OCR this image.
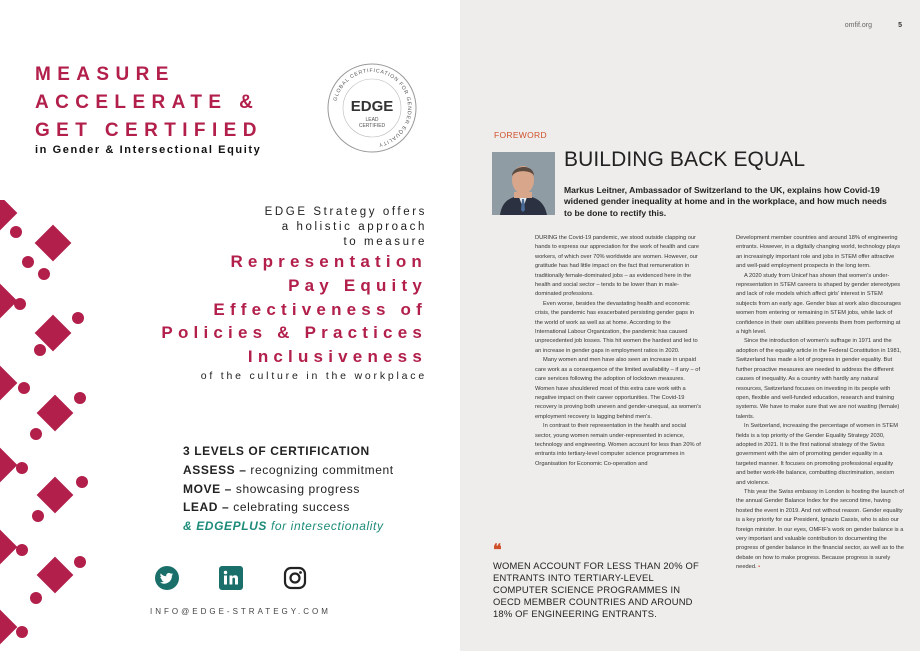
MEASURE
ACCELERATE &
GET CERTIFIED
in Gender & Intersectional Equity
GLOBAL CERTIFICATION FOR GENDER EQUALITY
EDGE
LEAD
CERTIFIED
EDGE Strategy offers
a holistic approach
to measure
Representation
Pay Equity
Effectiveness of
Policies & Practices
Inclusiveness
of the culture in the workplace
3 LEVELS OF CERTIFICATION
ASSESS – recognizing commitment
MOVE – showcasing progress
LEAD – celebrating success
& EDGEPLUS for intersectionality
INFO@EDGE-STRATEGY.COM
omfif.org	5
FOREWORD
BUILDING BACK EQUAL
Markus Leitner, Ambassador of Switzerland to the UK, explains how Covid-19 widened gender inequality at home and in the workplace, and how much needs to be done to rectify this.

DURING the Covid-19 pandemic, we stood outside clapping our hands to express our appreciation for the work of health and care workers, of which over 70% worldwide are women. However, our gratitude has had little impact on the fact that remuneration in traditionally female-dominated jobs – as evidenced here in the health and social sector – tends to be lower than in male-dominated professions.

Even worse, besides the devastating health and economic crisis, the pandemic has exacerbated persisting gender gaps in the world of work as well as at home. According to the International Labour Organization, the pandemic has caused unprecedented job losses. This hit women the hardest and led to an increase in gender gaps in employment ratios in 2020.

Many women and men have also seen an increase in unpaid care work as a consequence of the limited availability – if any – of care services following the adoption of lockdown measures. Women have shouldered most of this extra care work with a negative impact on their career opportunities. The Covid-19 recovery is proving both uneven and gender-unequal, as women's employment recovery is lagging behind men's.

In contrast to their representation in the health and social sector, young women remain under-represented in science, technology and engineering. Women account for less than 20% of entrants into tertiary-level computer science programmes in Organisation for Economic Co-operation and

Development member countries and around 18% of engineering entrants. However, in a digitally changing world, technology plays an increasingly important role and jobs in STEM offer attractive and well-paid employment prospects in the long term.

A 2020 study from Unicef has shown that women's under-representation in STEM careers is shaped by gender stereotypes and lack of role models which affect girls' interest in STEM subjects from an early age. Gender bias at work also discourages women from entering or remaining in STEM jobs, while lack of confidence in their own abilities prevents them from performing at a high level.

Since the introduction of women's suffrage in 1971 and the adoption of the equality article in the Federal Constitution in 1981, Switzerland has made a lot of progress in gender equality. But further proactive measures are needed to address the different causes of inequality. As a country with hardly any natural resources, Switzerland focuses on investing in its people with open, flexible and well-funded education, research and training systems. We have to make sure that we are not wasting (female) talents.

In Switzerland, increasing the percentage of women in STEM fields is a top priority of the Gender Equality Strategy 2030, adopted in 2021. It is the first national strategy of the Swiss government with the aim of promoting gender equality in a targeted manner. It focuses on promoting professional equality and better work-life balance, combatting discrimination, sexism and violence.

This year the Swiss embassy in London is hosting the launch of the annual Gender Balance Index for the second time, having hosted the event in 2019. And not without reason. Gender equality is a key priority for our President, Ignazio Cassis, who is also our foreign minister. In our eyes, OMFIF's work on gender balance is a very important and valuable contribution to documenting the progress of gender balance in the financial sector, as well as to the debate on how to make progress. Because progress is surely needed. •

❝
WOMEN ACCOUNT FOR LESS THAN 20% OF ENTRANTS INTO TERTIARY-LEVEL COMPUTER SCIENCE PROGRAMMES IN OECD MEMBER COUNTRIES AND AROUND 18% OF ENGINEERING ENTRANTS.
